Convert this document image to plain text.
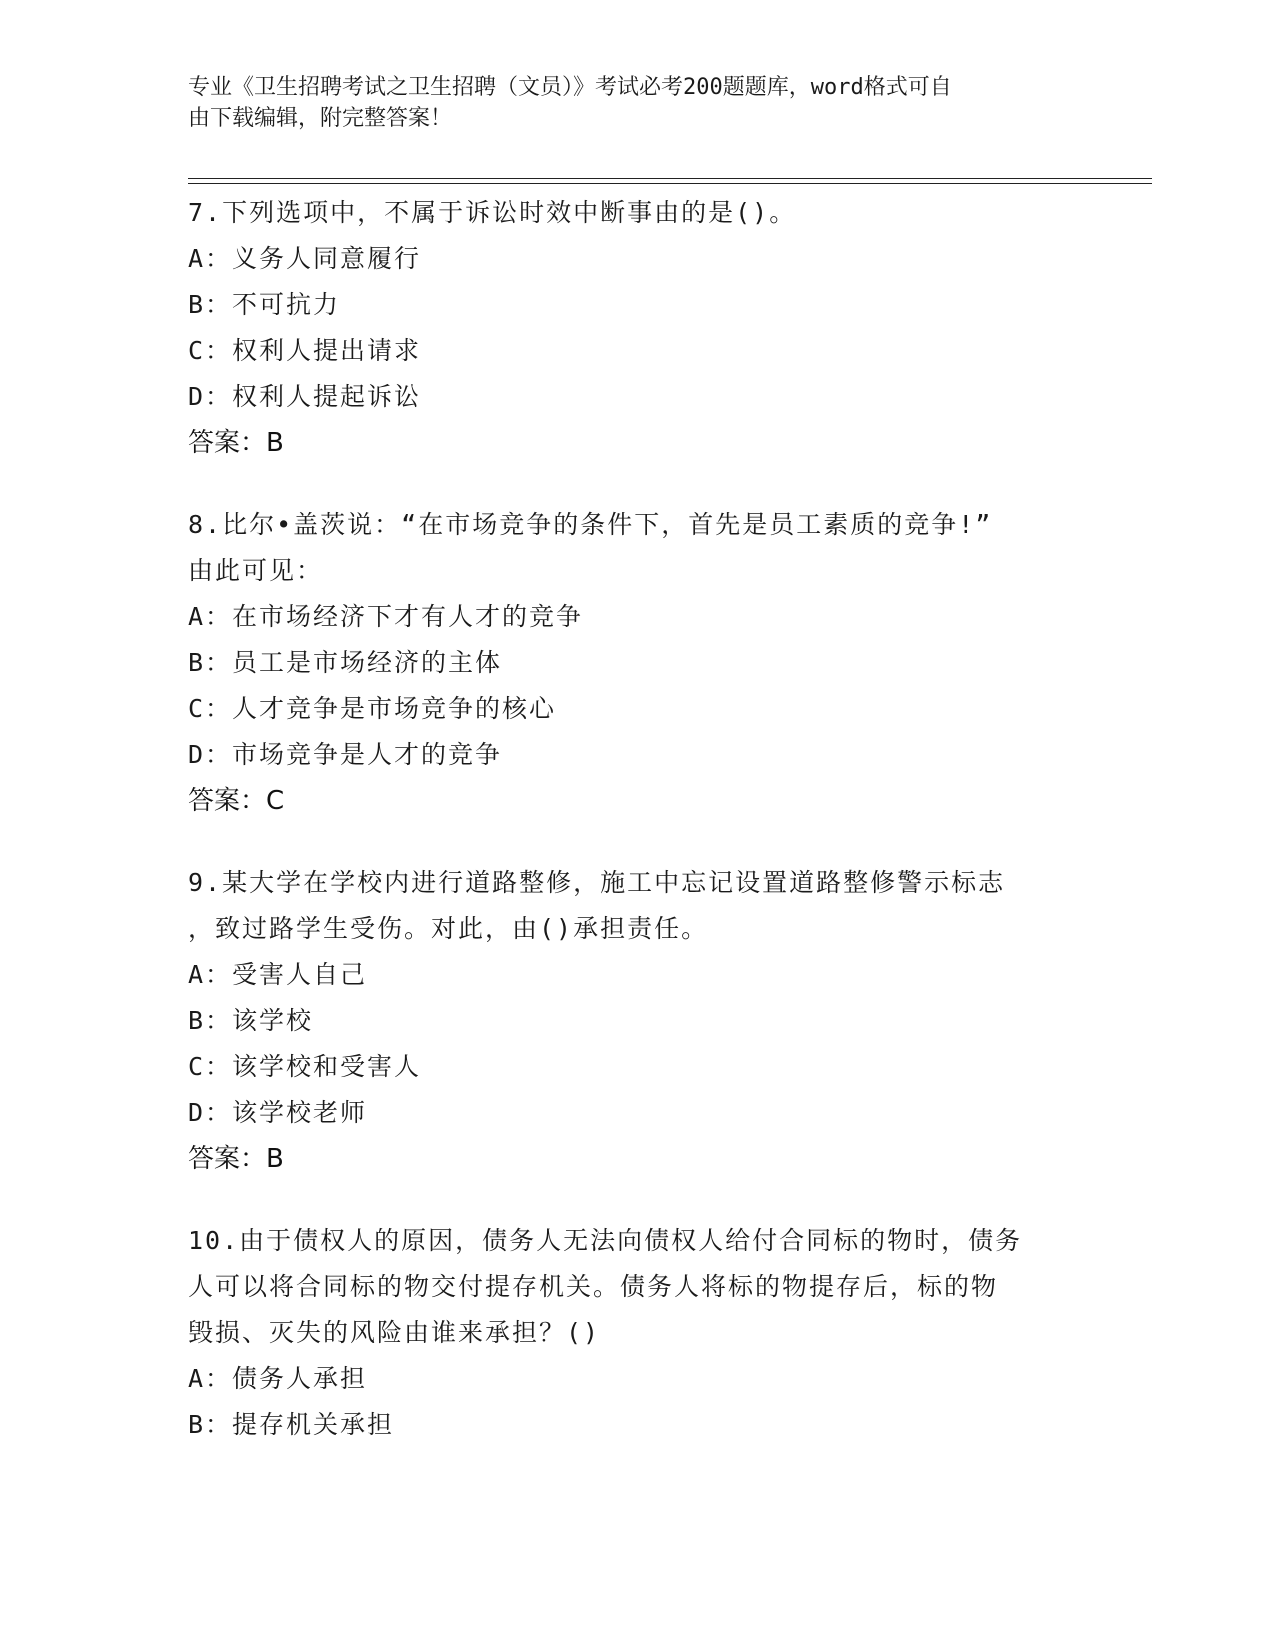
专业《卫生招聘考试之卫生招聘（文员）》考试必考200题题库，word格式可自
由下载编辑，附完整答案！
7.下列选项中，不属于诉讼时效中断事由的是()。
A：义务人同意履行
B：不可抗力
C：权利人提出请求
D：权利人提起诉讼
答案：B
8.比尔•盖茨说：“在市场竞争的条件下，首先是员工素质的竞争!”
由此可见：
A：在市场经济下才有人才的竞争
B：员工是市场经济的主体
C：人才竞争是市场竞争的核心
D：市场竞争是人才的竞争
答案：C
9.某大学在学校内进行道路整修，施工中忘记设置道路整修警示标志
，致过路学生受伤。对此，由()承担责任。
A：受害人自己
B：该学校
C：该学校和受害人
D：该学校老师
答案：B
10.由于债权人的原因，债务人无法向债权人给付合同标的物时，债务
人可以将合同标的物交付提存机关。债务人将标的物提存后，标的物
毁损、灭失的风险由谁来承担？()
A：债务人承担
B：提存机关承担
